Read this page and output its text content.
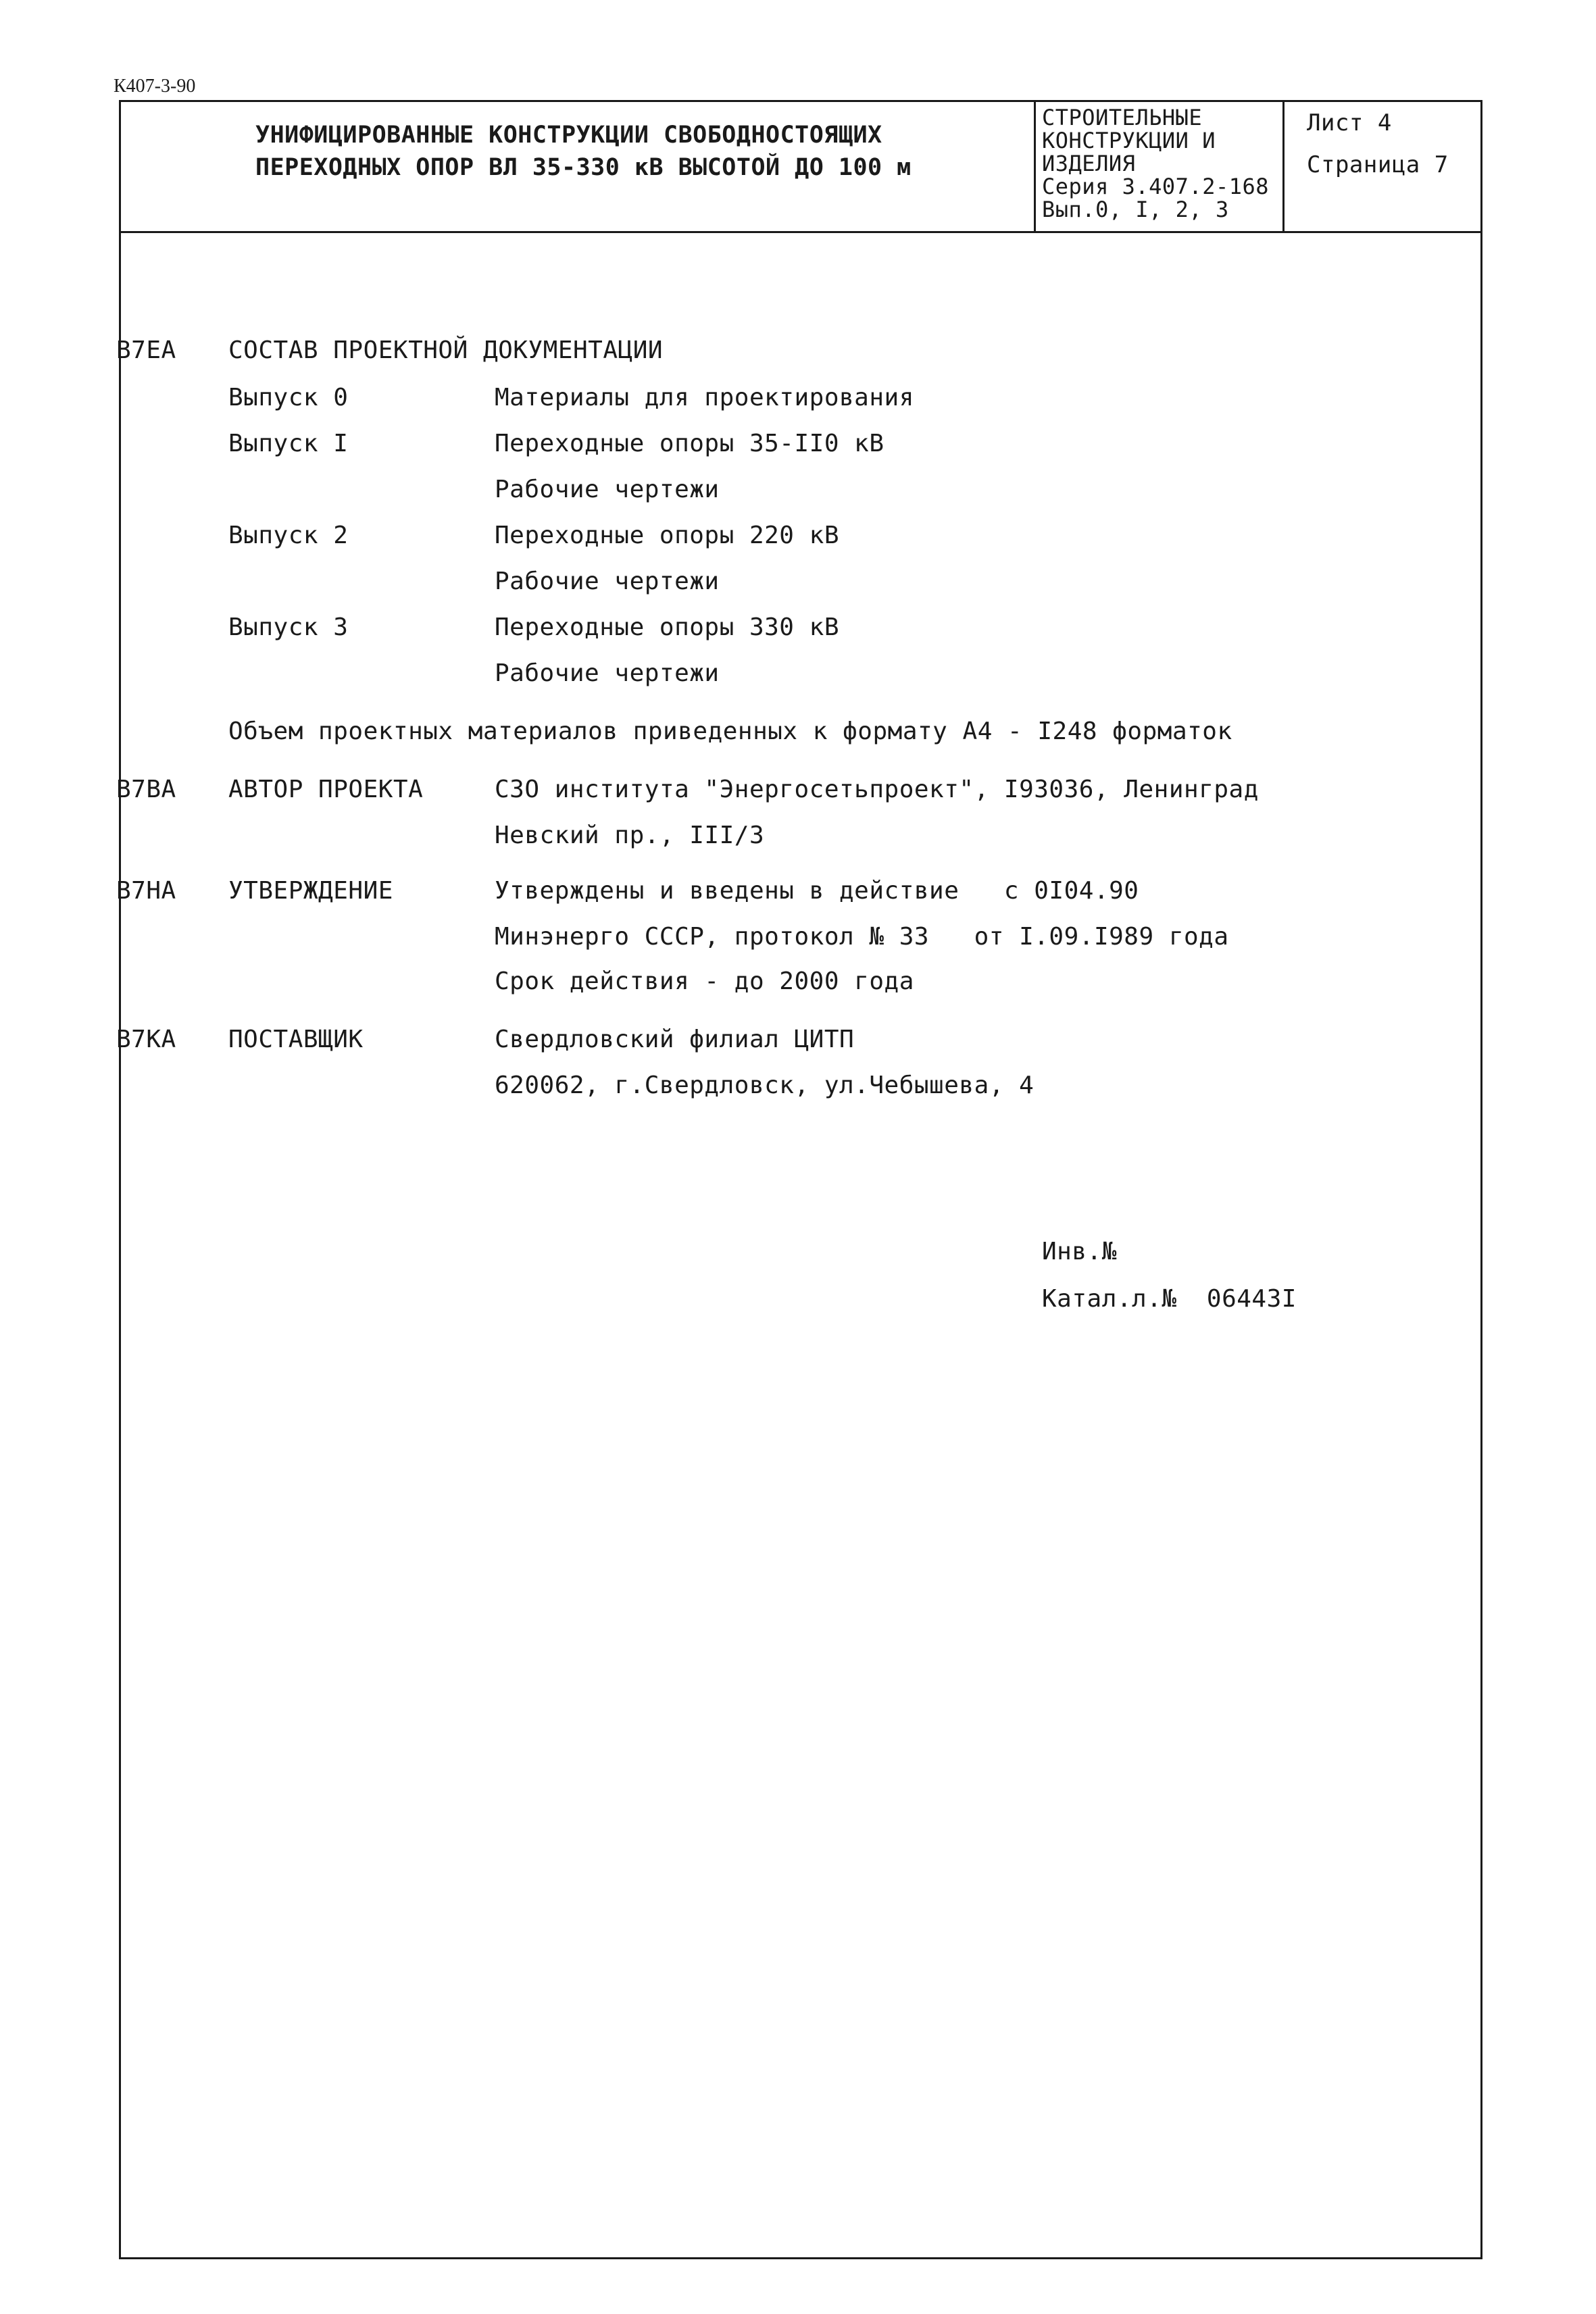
К407-3-90
УНИФИЦИРОВАННЫЕ КОНСТРУКЦИИ СВОБОДНОСТОЯЩИХ
ПЕРЕХОДНЫХ ОПОР ВЛ 35-330 кВ ВЫСОТОЙ ДО 100 м
СТРОИТЕЛЬНЫЕ
КОНСТРУКЦИИ И
ИЗДЕЛИЯ
Серия 3.407.2-168
Вып.0, I, 2, 3
Лист 4
Страница 7
В7ЕА СОСТАВ ПРОЕКТНОЙ ДОКУМЕНТАЦИИ
Выпуск 0	Материалы для проектирования
Выпуск I	Переходные опоры 35-II0 кВ
Рабочие чертежи
Выпуск 2	Переходные опоры 220 кВ
Рабочие чертежи
Выпуск 3	Переходные опоры 330 кВ
Рабочие чертежи
Объем проектных материалов приведенных к формату А4 - I248 форматок
В7ВА АВТОР ПРОЕКТА	СЗО института "Энергосетьпроект", I93036, Ленинград
Невский пр., III/3
В7НА УТВЕРЖДЕНИЕ	Утверждены и введены в действие   с 0I04.90
Минэнерго СССР, протокол № 33   от I.09.I989 года
Срок действия - до 2000 года
В7КА ПОСТАВЩИК	Свердловский филиал ЦИТП
620062, г.Свердловск, ул.Чебышева, 4
Инв.№
Катал.л.№  06443I
